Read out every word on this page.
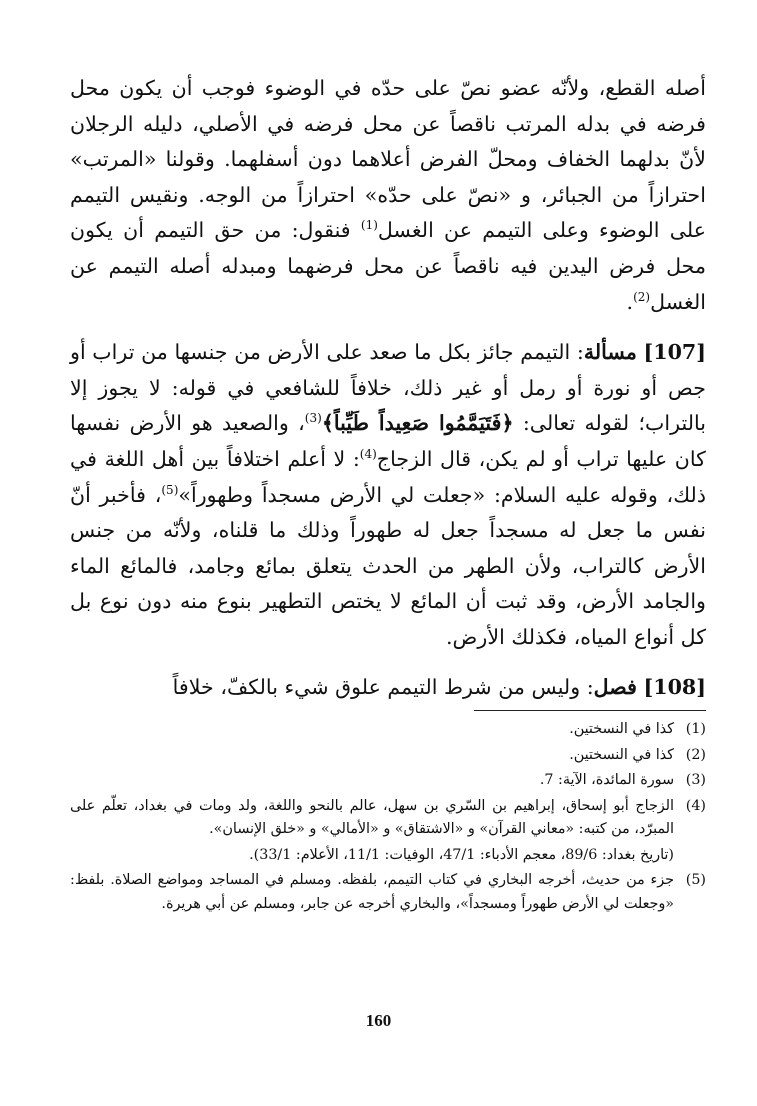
أصله القطع، ولأنّه عضو نصّ على حدّه في الوضوء فوجب أن يكون محل فرضه في بدله المرتب ناقصاً عن محل فرضه في الأصلي، دليله الرجلان لأنّ بدلهما الخفاف ومحلّ الفرض أعلاهما دون أسفلهما. وقولنا «المرتب» احترازاً من الجبائر، و «نصّ على حدّه» احترازاً من الوجه. ونقيس التيمم على الوضوء وعلى التيمم عن الغسل$^{(1)}$ فنقول: من حق التيمم أن يكون محل فرض اليدين فيه ناقصاً عن محل فرضهما ومبدله أصله التيمم عن الغسل$^{(2)}$.

[107] مسألة: التيمم جائز بكل ما صعد على الأرض من جنسها من تراب أو جص أو نورة أو رمل أو غير ذلك، خلافاً للشافعي في قوله: لا يجوز إلا بالتراب؛ لقوله تعالى: ﴿فَتَيَمَّمُوا صَعِيداً طَيِّباً﴾$^{(3)}$، والصعيد هو الأرض نفسها كان عليها تراب أو لم يكن، قال الزجاج$^{(4)}$: لا أعلم اختلافاً بين أهل اللغة في ذلك، وقوله عليه السلام: «جعلت لي الأرض مسجداً وطهوراً»$^{(5)}$، فأخبر أنّ نفس ما جعل له مسجداً جعل له طهوراً وذلك ما قلناه، ولأنّه من جنس الأرض كالتراب، ولأن الطهر من الحدث يتعلق بمائع وجامد، فالمائع الماء والجامد الأرض، وقد ثبت أن المائع لا يختص التطهير بنوع منه دون نوع بل كل أنواع المياه، فكذلك الأرض.

[108] فصل: وليس من شرط التيمم علوق شيء بالكفّ، خلافاً

(1)
كذا في النسختين.
(2)
كذا في النسختين.
(3)
سورة المائدة، الآية: 7.
(4)
الزجاج أبو إسحاق، إبراهيم بن السّري بن سهل، عالم بالنحو واللغة، ولد ومات في بغداد، تعلّم على المبرّد، من كتبه: «معاني القرآن» و «الاشتقاق» و «الأمالي» و «خلق الإنسان».
(تاريخ بغداد: 89/6، معجم الأدباء: 47/1، الوفيات: 11/1، الأعلام: 33/1).
(5)
جزء من حديث، أخرجه البخاري في كتاب التيمم، بلفظه. ومسلم في المساجد ومواضع الصلاة. بلفظ: «وجعلت لي الأرض طهوراً ومسجداً»، والبخاري أخرجه عن جابر، ومسلم عن أبي هريرة.
160
